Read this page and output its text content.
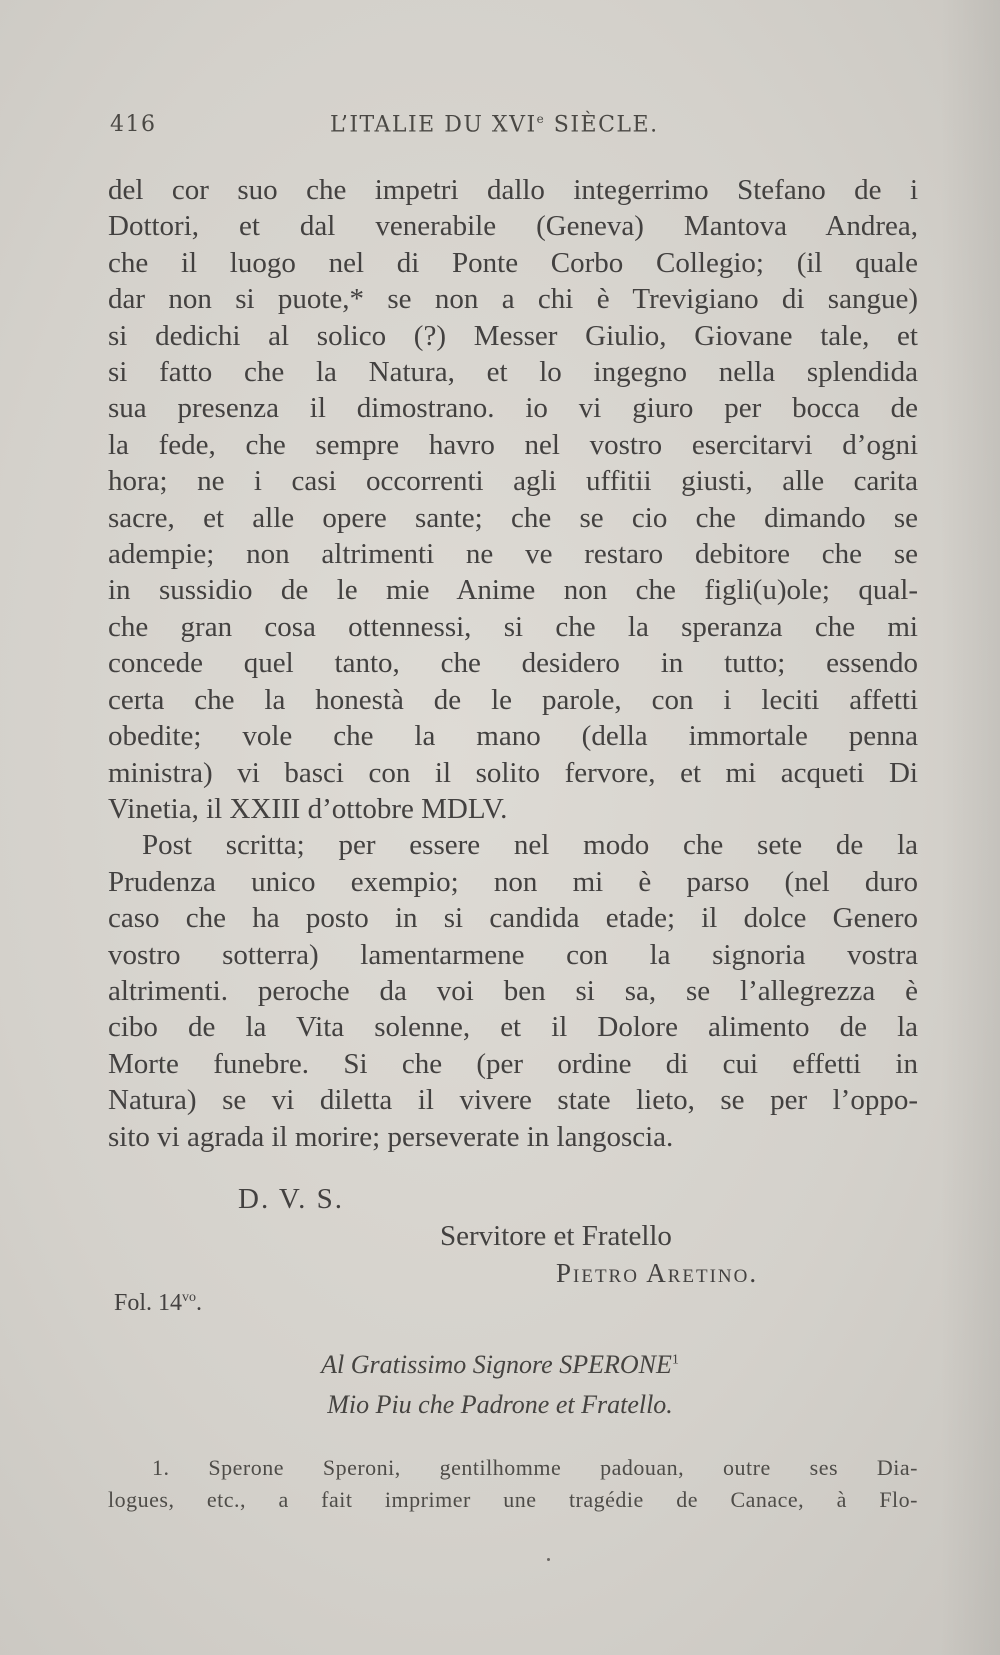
416	L’ITALIE DU XVIe SIÈCLE.
del cor suo che impetri dallo integerrimo Stefano de i
Dottori, et dal venerabile (Geneva) Mantova Andrea,
che il luogo nel di Ponte Corbo Collegio; (il quale
dar non si puote,* se non a chi è Trevigiano di sangue)
si dedichi al solico (?) Messer Giulio, Giovane tale, et
si fatto che la Natura, et lo ingegno nella splendida
sua presenza il dimostrano. io vi giuro per bocca de
la fede, che sempre havro nel vostro esercitarvi d’ogni
hora; ne i casi occorrenti agli uffitii giusti, alle carita
sacre, et alle opere sante; che se cio che dimando se
adempie; non altrimenti ne ve restaro debitore che se
in sussidio de le mie Anime non che figli(u)ole; qual-
che gran cosa ottennessi, si che la speranza che mi
concede quel tanto, che desidero in tutto; essendo
certa che la honestà de le parole, con i leciti affetti
obedite; vole che la mano (della immortale penna
ministra) vi basci con il solito fervore, et mi acqueti Di
Vinetia, il XXIII d’ottobre MDLV.
Post scritta; per essere nel modo che sete de la
Prudenza unico exempio; non mi è parso (nel duro
caso che ha posto in si candida etade; il dolce Genero
vostro sotterra) lamentarmene con la signoria vostra
altrimenti. peroche da voi ben si sa, se l’allegrezza è
cibo de la Vita solenne, et il Dolore alimento de la
Morte funebre. Si che (per ordine di cui effetti in
Natura) se vi diletta il vivere state lieto, se per l’oppo-
sito vi agrada il morire; perseverate in langoscia.
D. V. S.
Servitore et Fratello
Pietro Aretino.
Fol. $14^{vo}$.
Al Gratissimo Signore SPERONE$^1$
Mio Piu che Padrone et Fratello.
1. Sperone Speroni, gentilhomme padouan, outre ses Dia-
logues, etc., a fait imprimer une tragédie de Canace, à Flo-
